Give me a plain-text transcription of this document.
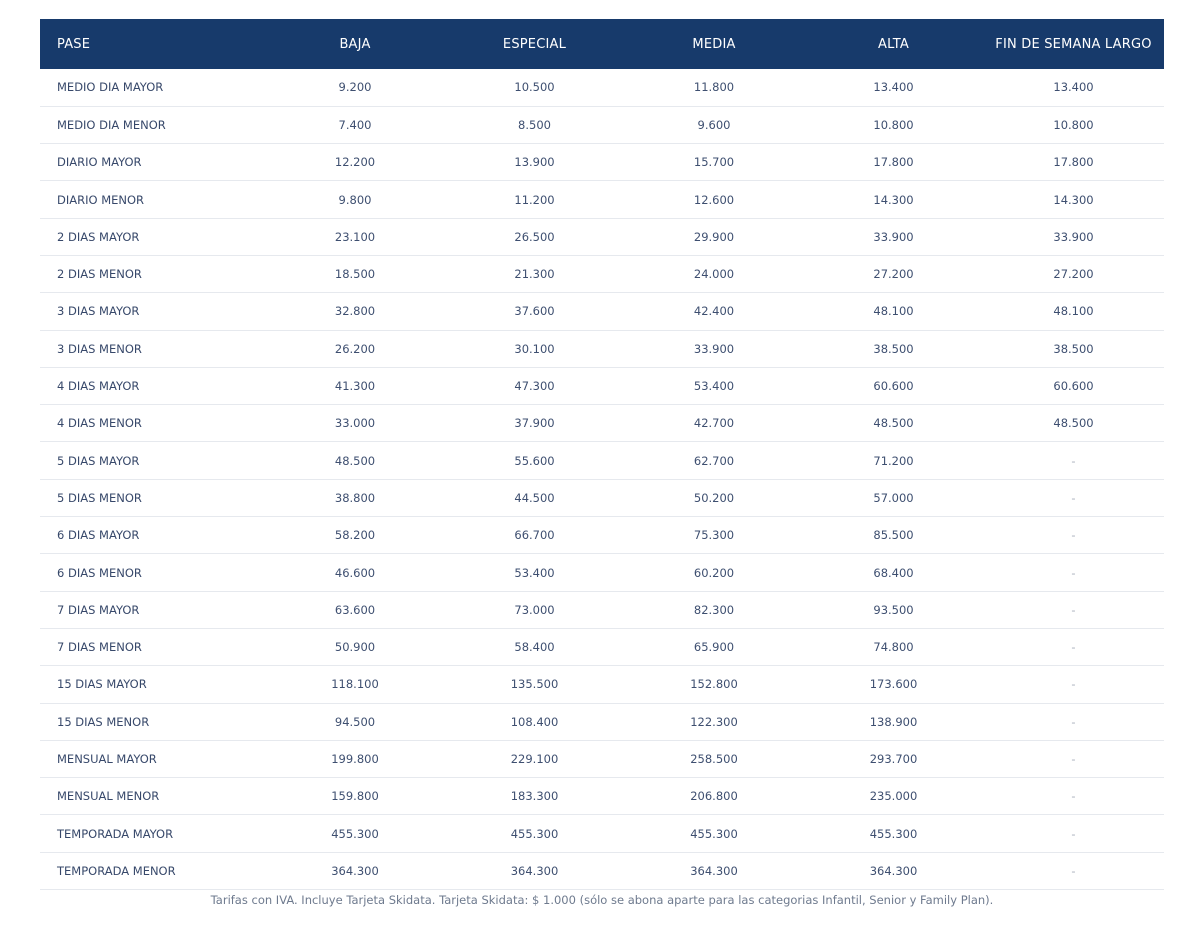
PASE	BAJA	ESPECIAL	MEDIA	ALTA	FIN DE SEMANA LARGO
MEDIO DIA MAYOR	9.200	10.500	11.800	13.400	13.400
MEDIO DIA MENOR	7.400	8.500	9.600	10.800	10.800
DIARIO MAYOR	12.200	13.900	15.700	17.800	17.800
DIARIO MENOR	9.800	11.200	12.600	14.300	14.300
2 DIAS MAYOR	23.100	26.500	29.900	33.900	33.900
2 DIAS MENOR	18.500	21.300	24.000	27.200	27.200
3 DIAS MAYOR	32.800	37.600	42.400	48.100	48.100
3 DIAS MENOR	26.200	30.100	33.900	38.500	38.500
4 DIAS MAYOR	41.300	47.300	53.400	60.600	60.600
4 DIAS MENOR	33.000	37.900	42.700	48.500	48.500
5 DIAS MAYOR	48.500	55.600	62.700	71.200	-
5 DIAS MENOR	38.800	44.500	50.200	57.000	-
6 DIAS MAYOR	58.200	66.700	75.300	85.500	-
6 DIAS MENOR	46.600	53.400	60.200	68.400	-
7 DIAS MAYOR	63.600	73.000	82.300	93.500	-
7 DIAS MENOR	50.900	58.400	65.900	74.800	-
15 DIAS MAYOR	118.100	135.500	152.800	173.600	-
15 DIAS MENOR	94.500	108.400	122.300	138.900	-
MENSUAL MAYOR	199.800	229.100	258.500	293.700	-
MENSUAL MENOR	159.800	183.300	206.800	235.000	-
TEMPORADA MAYOR	455.300	455.300	455.300	455.300	-
TEMPORADA MENOR	364.300	364.300	364.300	364.300	-
Tarifas con IVA. Incluye Tarjeta Skidata. Tarjeta Skidata: $ 1.000 (sólo se abona aparte para las categorias Infantil, Senior y Family Plan).
